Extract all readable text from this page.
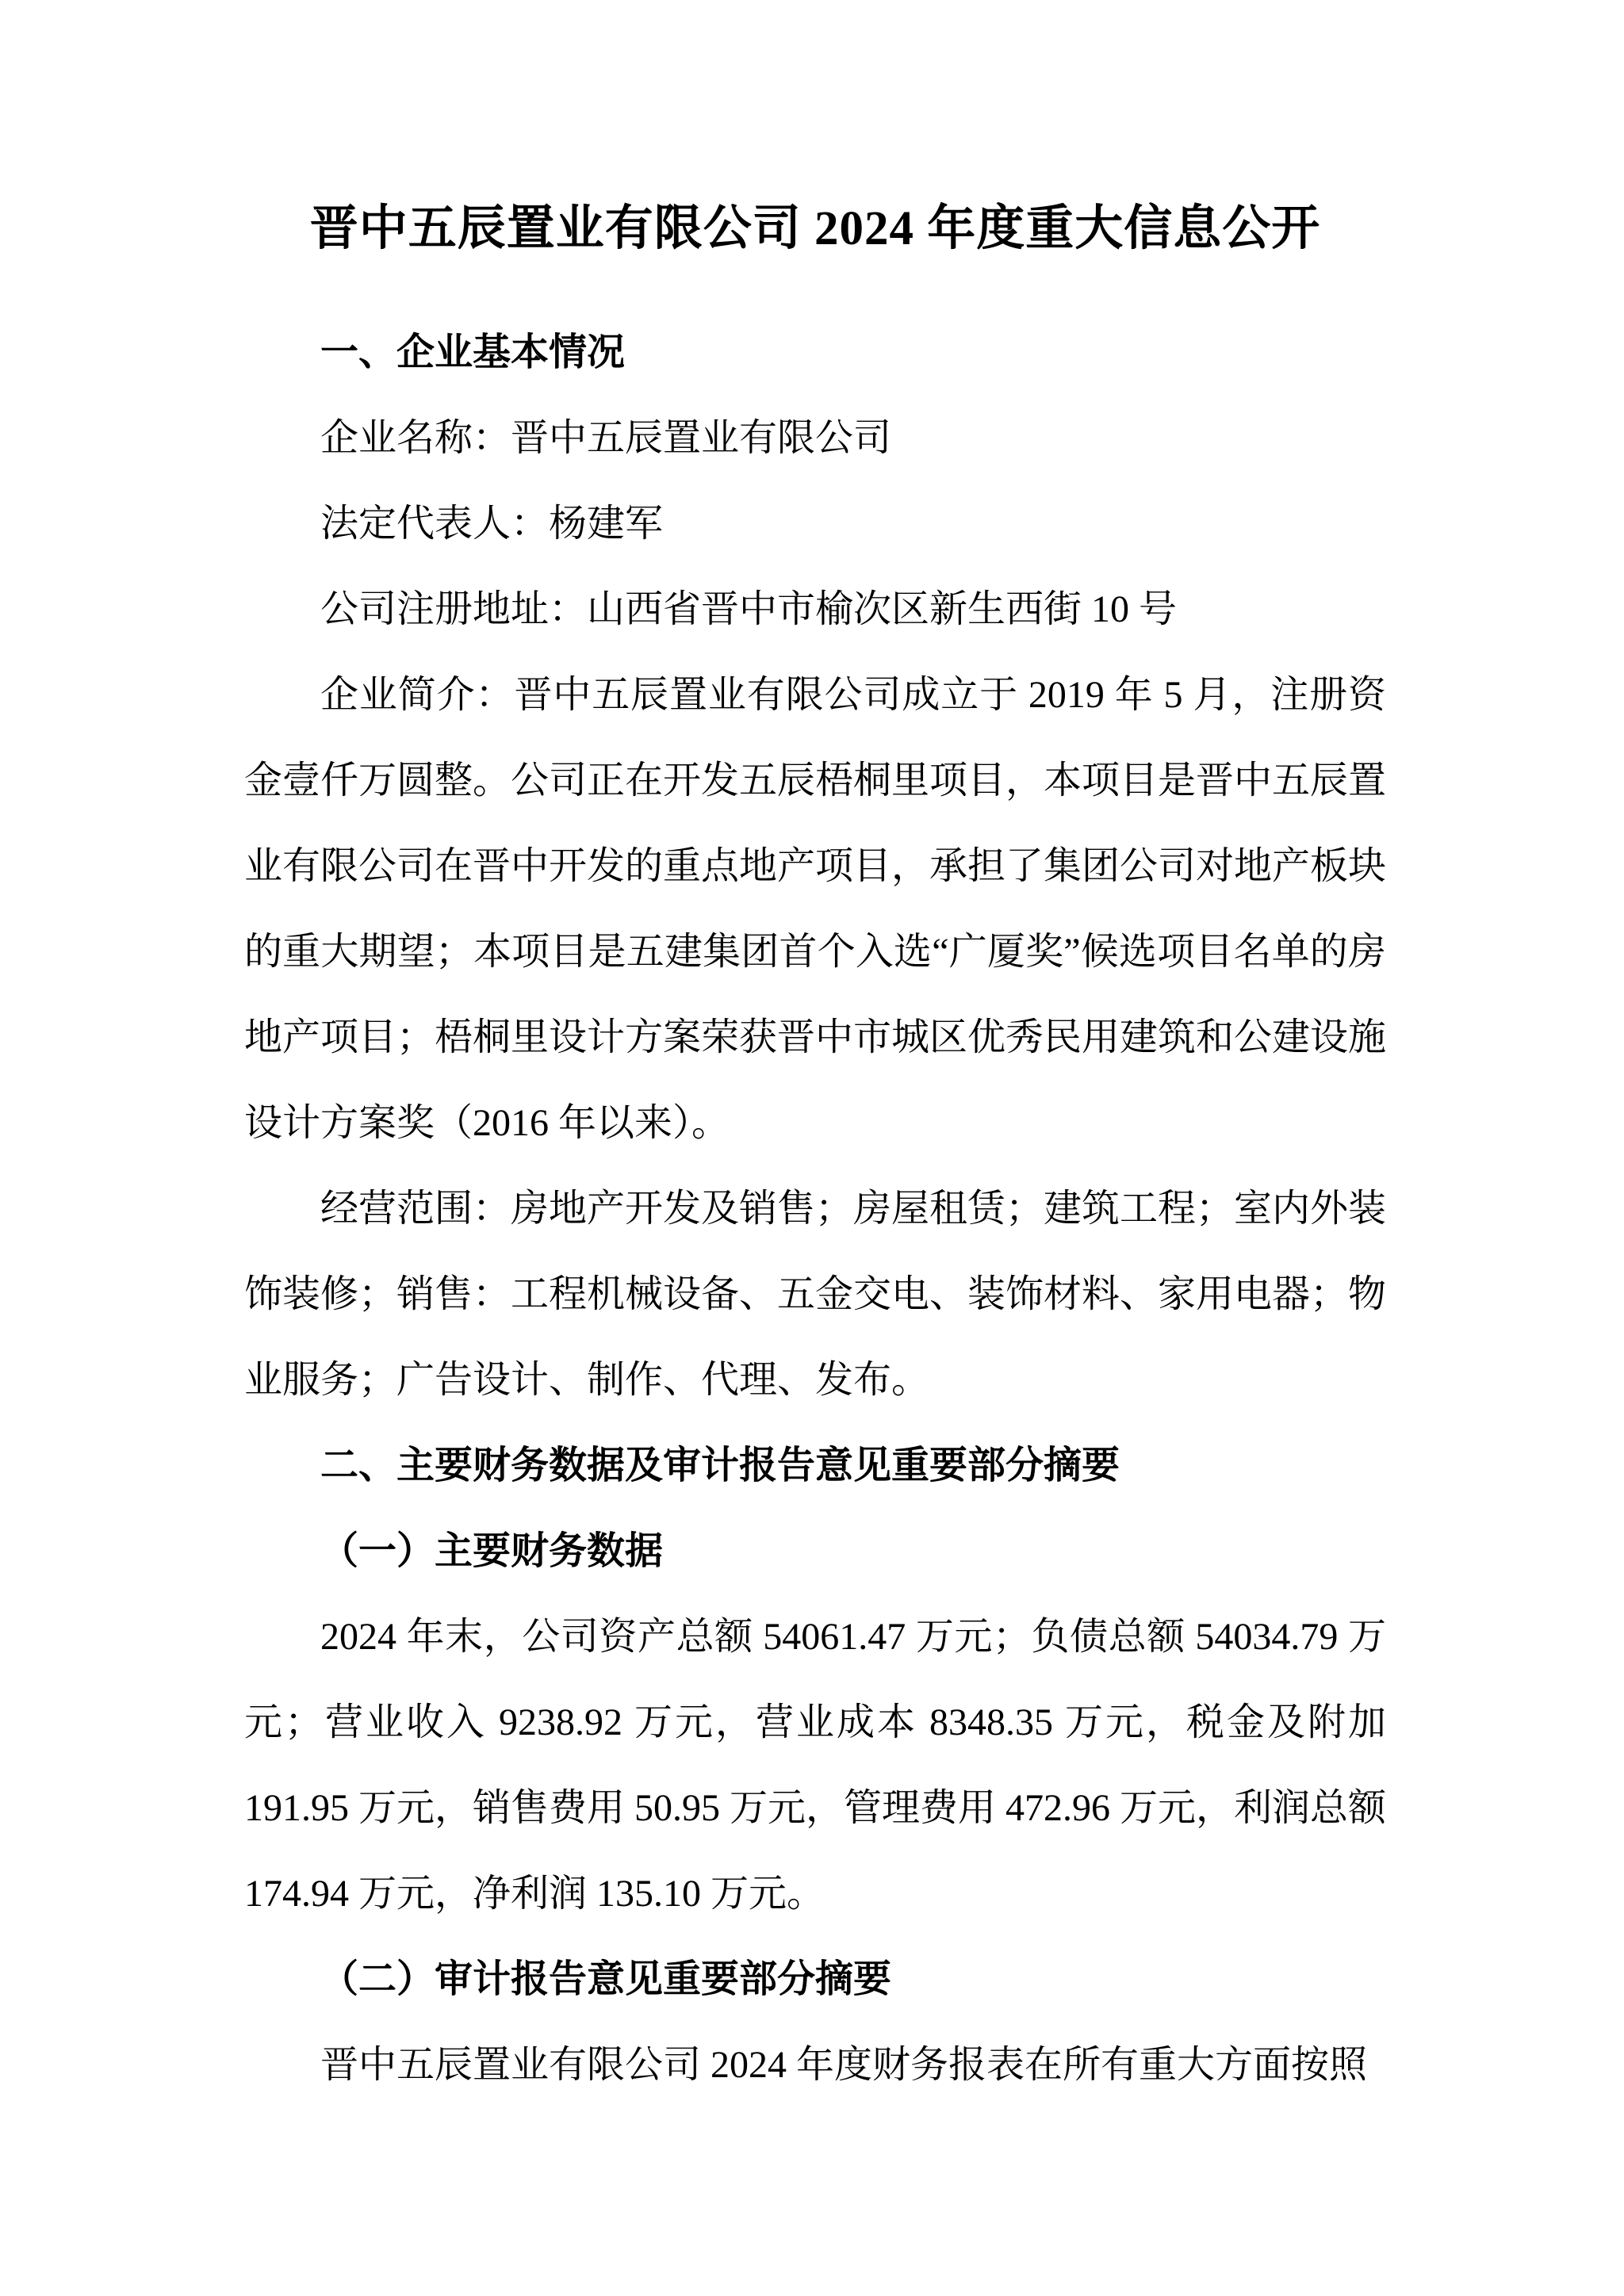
晋中五辰置业有限公司 2024 年度重大信息公开

一、企业基本情况

企业名称：晋中五辰置业有限公司

法定代表人：杨建军

公司注册地址：山西省晋中市榆次区新生西街 10 号

企业简介：晋中五辰置业有限公司成立于 2019 年 5 月，注册资金壹仟万圆整。公司正在开发五辰梧桐里项目，本项目是晋中五辰置业有限公司在晋中开发的重点地产项目，承担了集团公司对地产板块的重大期望；本项目是五建集团首个入选“广厦奖”候选项目名单的房地产项目；梧桐里设计方案荣获晋中市城区优秀民用建筑和公建设施设计方案奖（2016 年以来）。

经营范围：房地产开发及销售；房屋租赁；建筑工程；室内外装饰装修；销售：工程机械设备、五金交电、装饰材料、家用电器；物业服务；广告设计、制作、代理、发布。

二、主要财务数据及审计报告意见重要部分摘要

（一）主要财务数据

2024 年末，公司资产总额 54061.47 万元；负债总额 54034.79 万元；营业收入 9238.92 万元，营业成本 8348.35 万元，税金及附加 191.95 万元，销售费用 50.95 万元，管理费用 472.96 万元，利润总额 174.94 万元，净利润 135.10 万元。

（二）审计报告意见重要部分摘要

晋中五辰置业有限公司 2024 年度财务报表在所有重大方面按照
